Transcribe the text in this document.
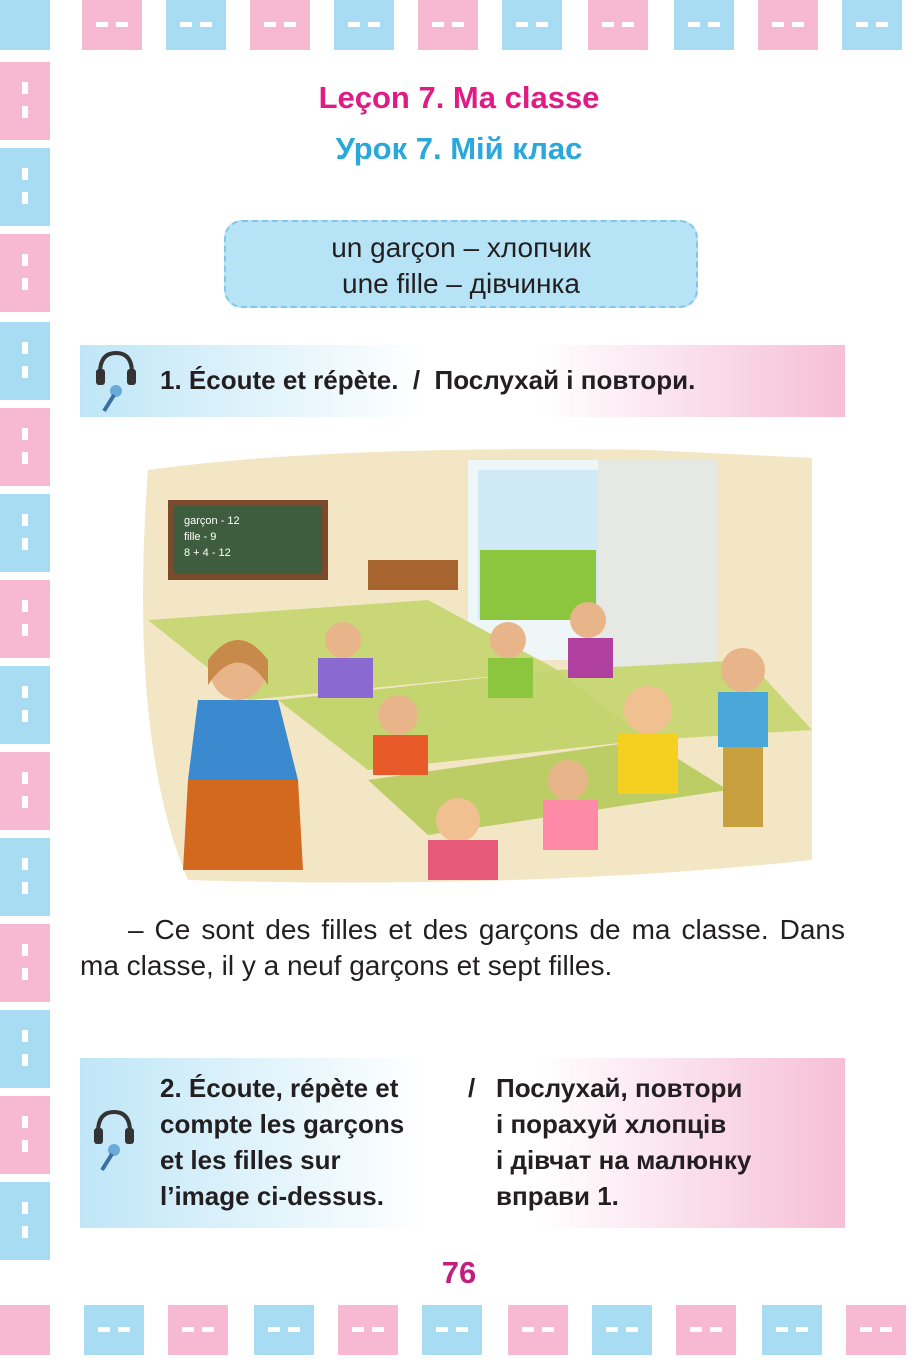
Leçon 7. Ma classe
Урок 7. Мій клас
un garçon – хлопчик
une fille – дівчинка
1. Écoute et répète.  /  Послухай і повтори.
garçon - 12
fille - 9
8 + 4 - 12
– Ce sont des filles et des garçons de ma classe. Dans ma classe, il y a neuf garçons et sept filles.
2. Écoute, répète et
compte les garçons
et les filles sur
l’image ci-dessus.
/ Послухай, повтори
і порахуй хлопців
і дівчат на малюнку
вправи 1.
76
